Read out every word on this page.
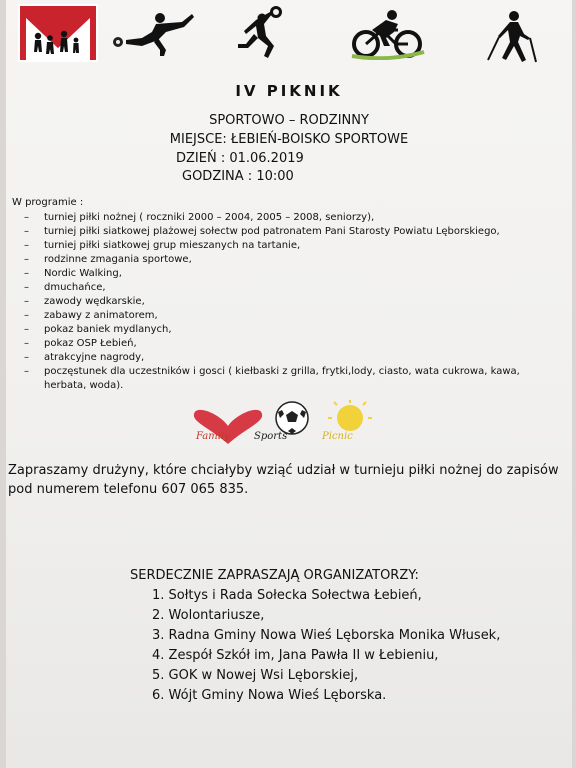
IV PIKNIK
SPORTOWO – RODZINNY
MIEJSCE: ŁEBIEŃ-BOISKO SPORTOWE
DZIEŃ : 01.06.2019
GODZINA : 10:00
W programie :
– turniej piłki nożnej ( roczniki 2000 – 2004, 2005 – 2008, seniorzy),
– turniej piłki siatkowej plażowej sołectw pod patronatem Pani Starosty Powiatu Lęborskiego,
– turniej piłki siatkowej grup mieszanych na tartanie,
– rodzinne zmagania sportowe,
– Nordic Walking,
– dmuchańce,
– zawody wędkarskie,
– zabawy z animatorem,
– pokaz baniek mydlanych,
– pokaz OSP Łebień,
– atrakcyjne nagrody,
– poczęstunek dla uczestników i gosci ( kiełbaski z grilla, frytki,lody, ciasto, wata cukrowa, kawa, herbata, woda).
Family Sports	Picnic
Zapraszamy drużyny, które chciałyby wziąć udział w turnieju piłki nożnej do zapisów pod numerem telefonu 607 065 835.
SERDECZNIE ZAPRASZAJĄ ORGANIZATORZY:
1. Sołtys i Rada Sołecka Sołectwa Łebień,
2. Wolontariusze,
3. Radna Gminy Nowa Wieś Lęborska Monika Włusek,
4. Zespół Szkół im, Jana Pawła II w Łebieniu,
5. GOK w Nowej Wsi Lęborskiej,
6. Wójt Gminy Nowa Wieś Lęborska.
